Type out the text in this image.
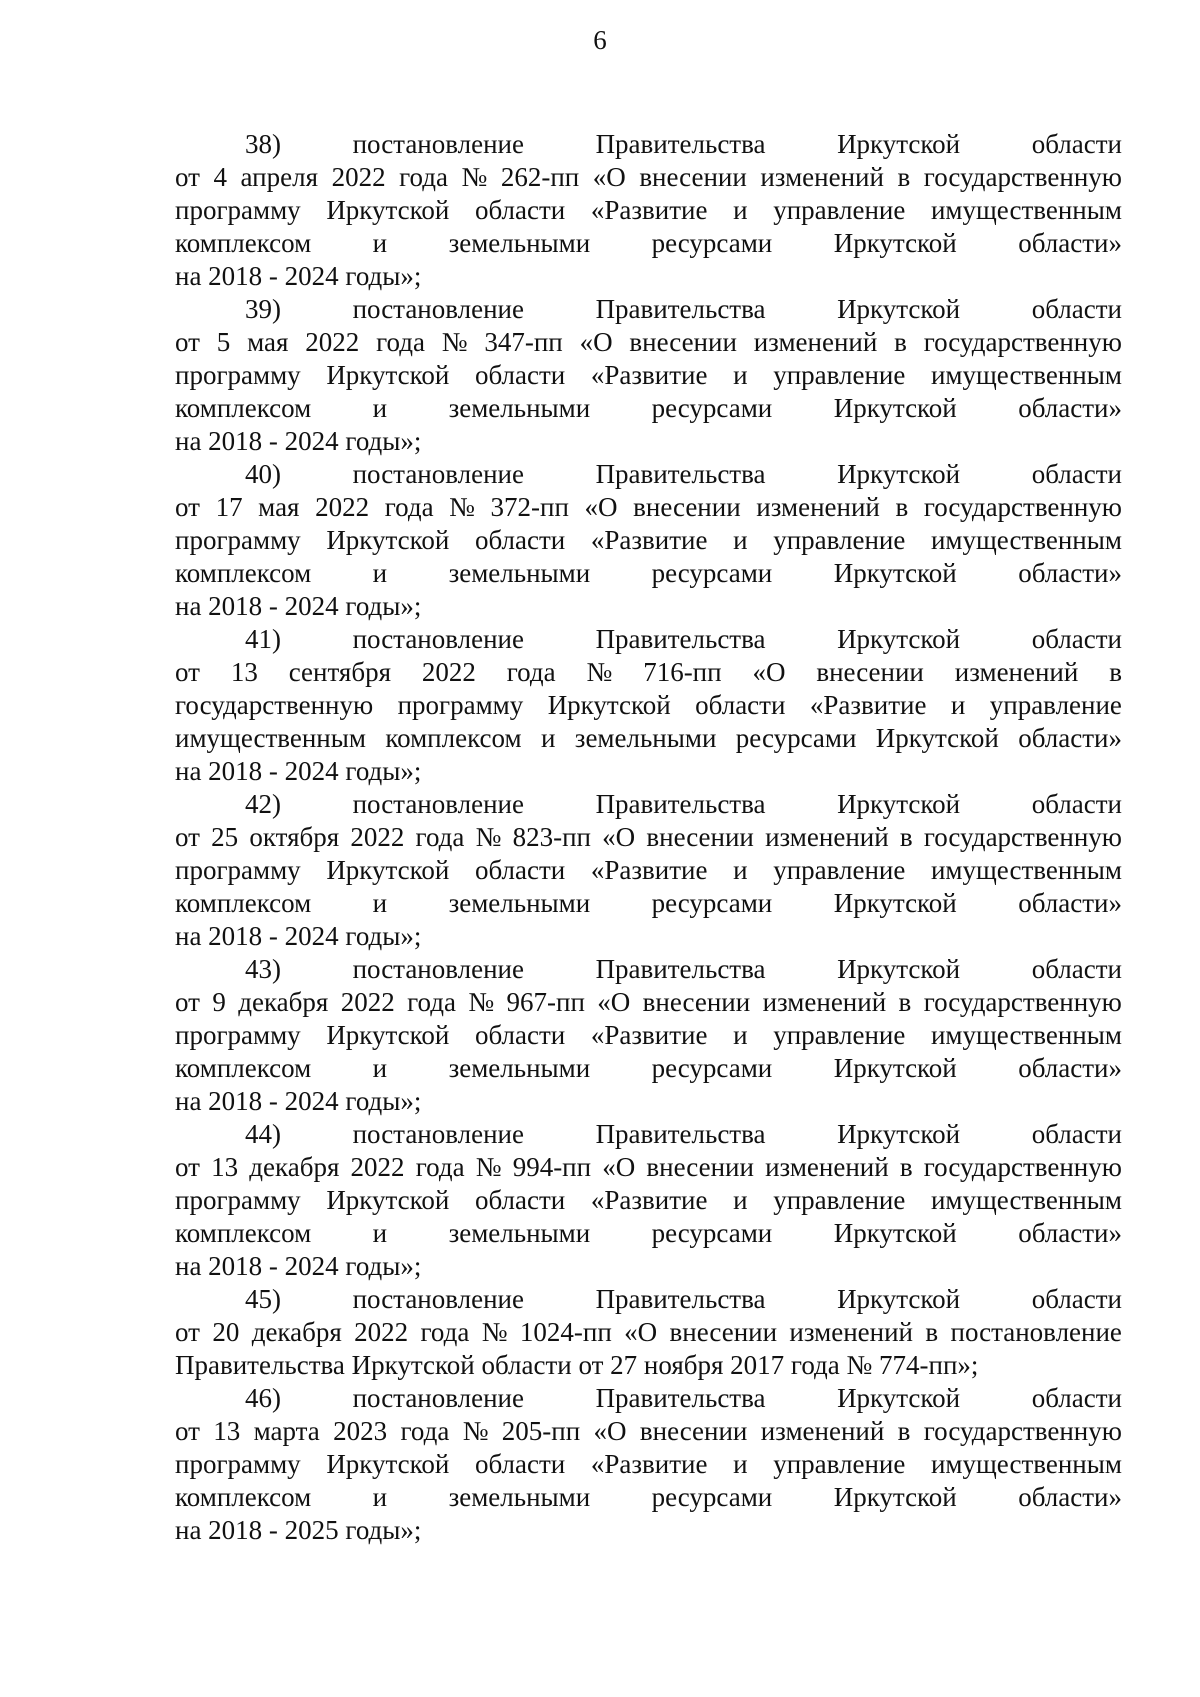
6
38)	постановление	Правительства	Иркутской	области
от 4 апреля 2022 года № 262-пп «О внесении изменений в государственную
программу Иркутской области «Развитие и управление имущественным
комплексом и земельными ресурсами Иркутской области»
на 2018 - 2024 годы»;
39)	постановление	Правительства	Иркутской	области
от 5 мая 2022 года № 347-пп «О внесении изменений в государственную
программу Иркутской области «Развитие и управление имущественным
комплексом и земельными ресурсами Иркутской области»
на 2018 - 2024 годы»;
40)	постановление	Правительства	Иркутской	области
от 17 мая 2022 года № 372-пп «О внесении изменений в государственную
программу Иркутской области «Развитие и управление имущественным
комплексом и земельными ресурсами Иркутской области»
на 2018 - 2024 годы»;
41)	постановление	Правительства	Иркутской	области
от 13 сентября 2022 года № 716-пп «О внесении изменений в
государственную программу Иркутской области «Развитие и управление
имущественным комплексом и земельными ресурсами Иркутской области»
на 2018 - 2024 годы»;
42)	постановление	Правительства	Иркутской	области
от 25 октября 2022 года № 823-пп «О внесении изменений в государственную
программу Иркутской области «Развитие и управление имущественным
комплексом и земельными ресурсами Иркутской области»
на 2018 - 2024 годы»;
43)	постановление	Правительства	Иркутской	области
от 9 декабря 2022 года № 967-пп «О внесении изменений в государственную
программу Иркутской области «Развитие и управление имущественным
комплексом и земельными ресурсами Иркутской области»
на 2018 - 2024 годы»;
44)	постановление	Правительства	Иркутской	области
от 13 декабря 2022 года № 994-пп «О внесении изменений в государственную
программу Иркутской области «Развитие и управление имущественным
комплексом и земельными ресурсами Иркутской области»
на 2018 - 2024 годы»;
45)	постановление	Правительства	Иркутской	области
от 20 декабря 2022 года № 1024-пп «О внесении изменений в постановление
Правительства Иркутской области от 27 ноября 2017 года № 774-пп»;
46)	постановление	Правительства	Иркутской	области
от 13 марта 2023 года № 205-пп «О внесении изменений в государственную
программу Иркутской области «Развитие и управление имущественным
комплексом и земельными ресурсами Иркутской области»
на 2018 - 2025 годы»;
